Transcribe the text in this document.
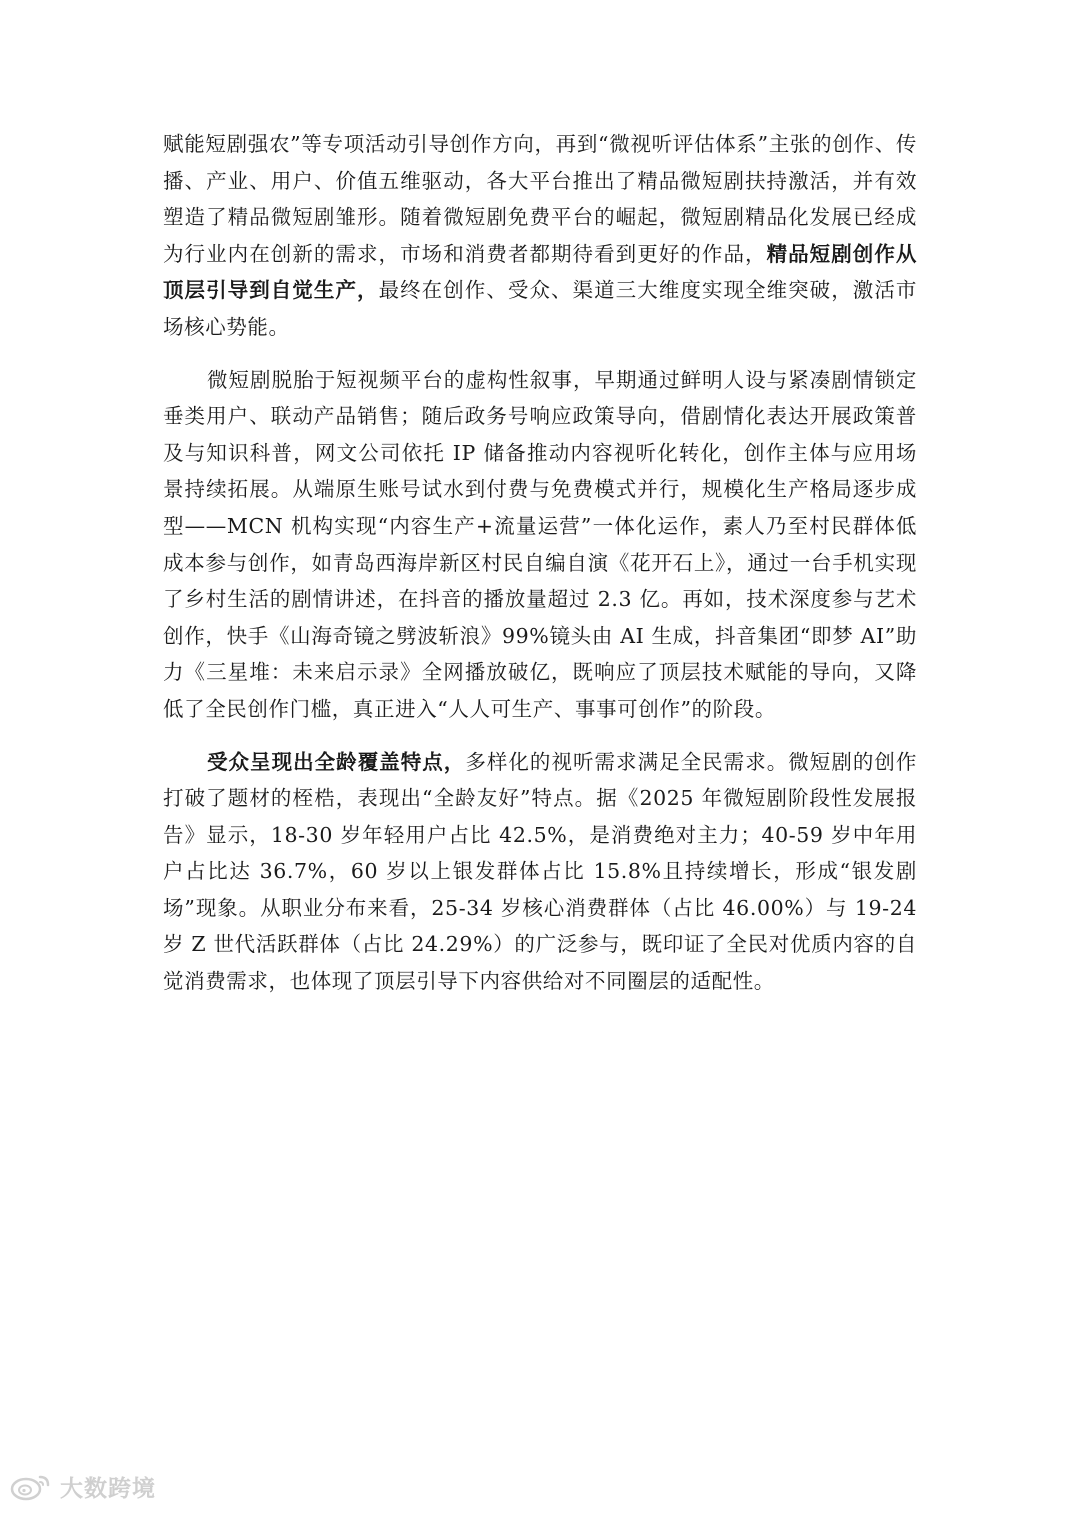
赋能短剧强农”等专项活动引导创作方向，再到“微视听评估体系”主张的创作、传播、产业、用户、价值五维驱动，各大平台推出了精品微短剧扶持激活，并有效塑造了精品微短剧雏形。随着微短剧免费平台的崛起，微短剧精品化发展已经成为行业内在创新的需求，市场和消费者都期待看到更好的作品，精品短剧创作从顶层引导到自觉生产，最终在创作、受众、渠道三大维度实现全维突破，激活市场核心势能。

微短剧脱胎于短视频平台的虚构性叙事，早期通过鲜明人设与紧凑剧情锁定垂类用户、联动产品销售；随后政务号响应政策导向，借剧情化表达开展政策普及与知识科普，网文公司依托 IP 储备推动内容视听化转化，创作主体与应用场景持续拓展。从端原生账号试水到付费与免费模式并行，规模化生产格局逐步成型——MCN 机构实现“内容生产+流量运营”一体化运作，素人乃至村民群体低成本参与创作，如青岛西海岸新区村民自编自演《花开石上》，通过一台手机实现了乡村生活的剧情讲述，在抖音的播放量超过 2.3 亿。再如，技术深度参与艺术创作，快手《山海奇镜之劈波斩浪》99%镜头由 AI 生成，抖音集团“即梦 AI”助力《三星堆：未来启示录》全网播放破亿，既响应了顶层技术赋能的导向，又降低了全民创作门槛，真正进入“人人可生产、事事可创作”的阶段。

受众呈现出全龄覆盖特点，多样化的视听需求满足全民需求。微短剧的创作打破了题材的桎梏，表现出“全龄友好”特点。据《2025 年微短剧阶段性发展报告》显示，18-30 岁年轻用户占比 42.5%，是消费绝对主力；40-59 岁中年用户占比达 36.7%，60 岁以上银发群体占比 15.8%且持续增长，形成“银发剧场”现象。从职业分布来看，25-34 岁核心消费群体（占比 46.00%）与 19-24 岁 Z 世代活跃群体（占比 24.29%）的广泛参与，既印证了全民对优质内容的自觉消费需求，也体现了顶层引导下内容供给对不同圈层的适配性。

大数跨境
